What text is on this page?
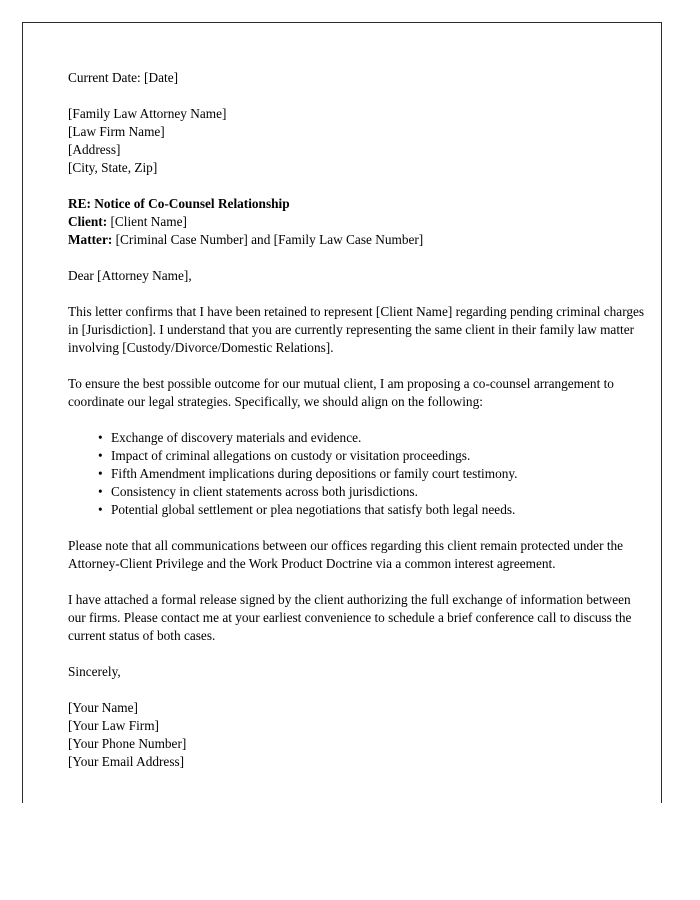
Current Date: [Date]
[Family Law Attorney Name]
[Law Firm Name]
[Address]
[City, State, Zip]
RE: Notice of Co-Counsel Relationship
Client: [Client Name]
Matter: [Criminal Case Number] and [Family Law Case Number]
Dear [Attorney Name],
This letter confirms that I have been retained to represent [Client Name] regarding pending criminal charges in [Jurisdiction]. I understand that you are currently representing the same client in their family law matter involving [Custody/Divorce/Domestic Relations].
To ensure the best possible outcome for our mutual client, I am proposing a co-counsel arrangement to coordinate our legal strategies. Specifically, we should align on the following:
• Exchange of discovery materials and evidence.
• Impact of criminal allegations on custody or visitation proceedings.
• Fifth Amendment implications during depositions or family court testimony.
• Consistency in client statements across both jurisdictions.
• Potential global settlement or plea negotiations that satisfy both legal needs.
Please note that all communications between our offices regarding this client remain protected under the Attorney-Client Privilege and the Work Product Doctrine via a common interest agreement.
I have attached a formal release signed by the client authorizing the full exchange of information between our firms. Please contact me at your earliest convenience to schedule a brief conference call to discuss the current status of both cases.
Sincerely,
[Your Name]
[Your Law Firm]
[Your Phone Number]
[Your Email Address]
